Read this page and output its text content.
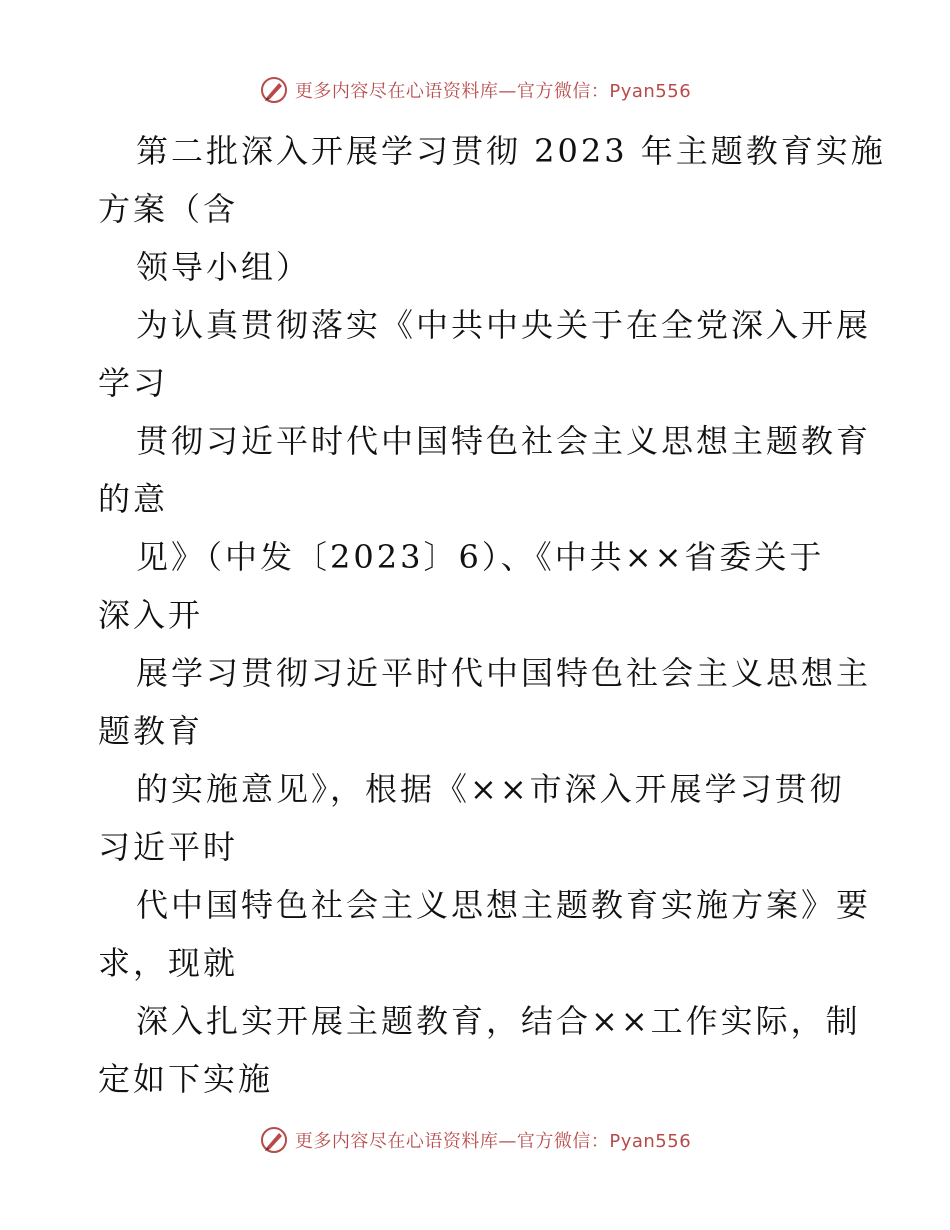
更多内容尽在心语资料库—官方微信：Pyan556
第二批深入开展学习贯彻 2023 年主题教育实施
方案（含
领导小组）
为认真贯彻落实《中共中央关于在全党深入开展
学习
贯彻习近平时代中国特色社会主义思想主题教育
的意
见》（中发〔2023〕6）、《中共××省委关于
深入开
展学习贯彻习近平时代中国特色社会主义思想主
题教育
的实施意见》，根据《××市深入开展学习贯彻
习近平时
代中国特色社会主义思想主题教育实施方案》要
求，现就
深入扎实开展主题教育，结合××工作实际，制
定如下实施
更多内容尽在心语资料库—官方微信：Pyan556
